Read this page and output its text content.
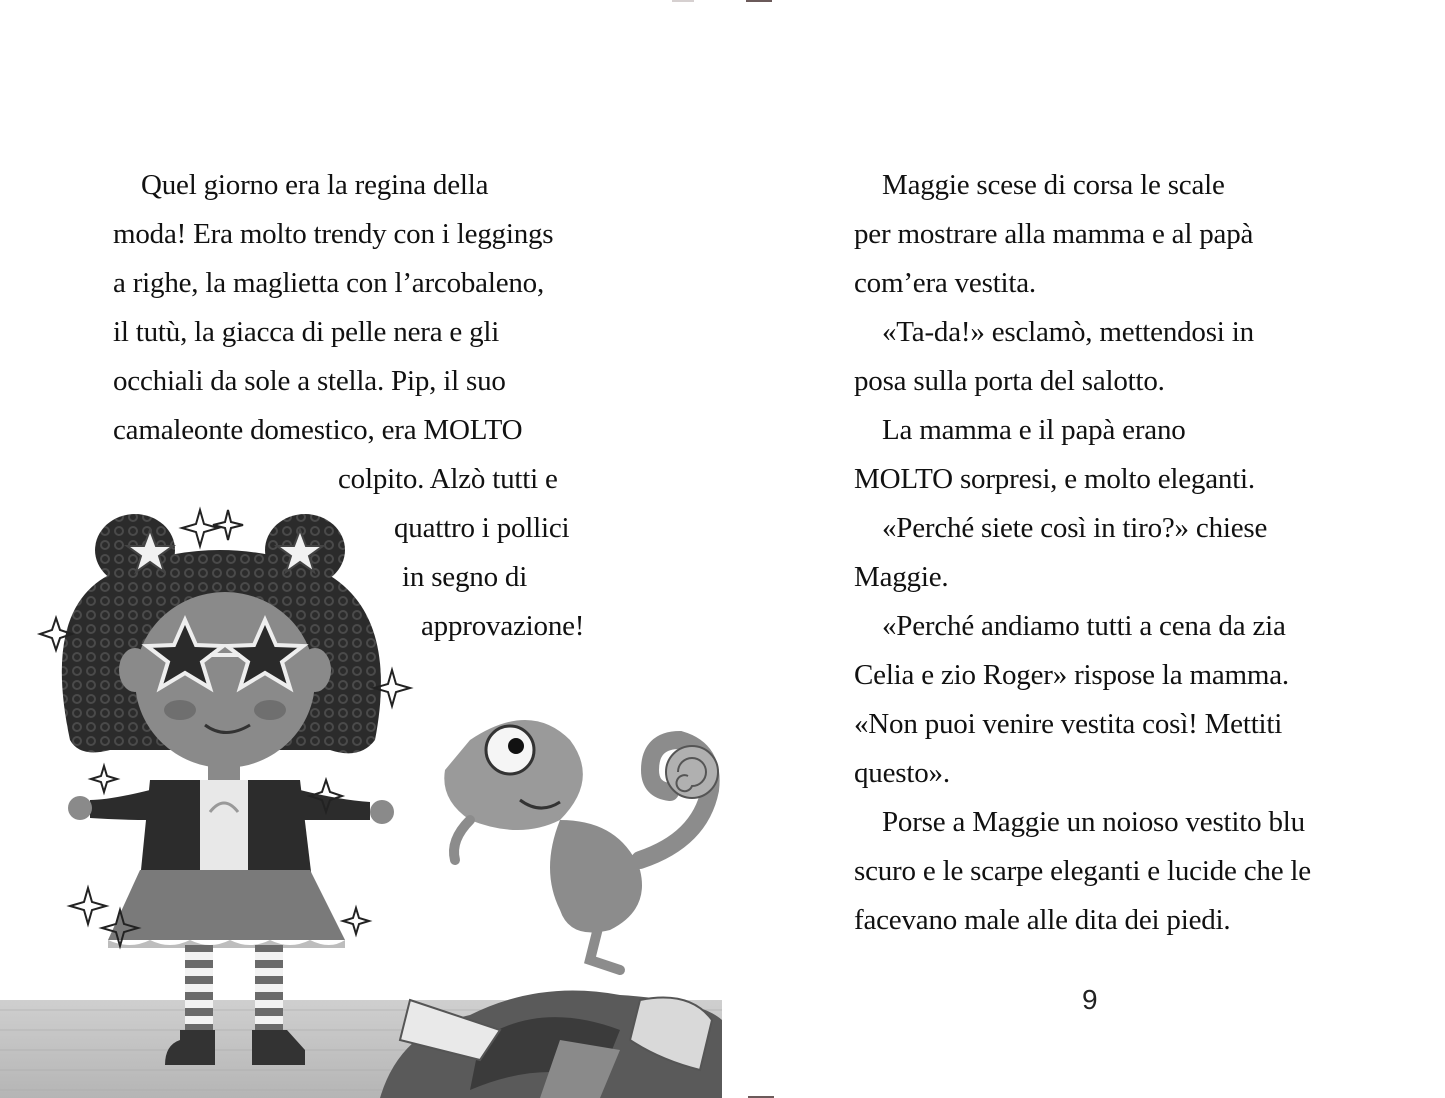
Quel giorno era la regina della
moda! Era molto trendy con i leggings
a righe, la maglietta con l’arcobaleno,
il tutù, la giacca di pelle nera e gli
occhiali da sole a stella. Pip, il suo
camaleonte domestico, era MOLTO
colpito. Alzò tutti e
quattro i pollici
in segno di
approvazione!
Maggie scese di corsa le scale
per mostrare alla mamma e al papà
com’era vestita.
«Ta-da!» esclamò, mettendosi in
posa sulla porta del salotto.
La mamma e il papà erano
MOLTO sorpresi, e molto eleganti.
«Perché siete così in tiro?» chiese
Maggie.
«Perché andiamo tutti a cena da zia
Celia e zio Roger» rispose la mamma.
«Non puoi venire vestita così! Mettiti
questo».
Porse a Maggie un noioso vestito blu
scuro e le scarpe eleganti e lucide che le
facevano male alle dita dei piedi.
9
